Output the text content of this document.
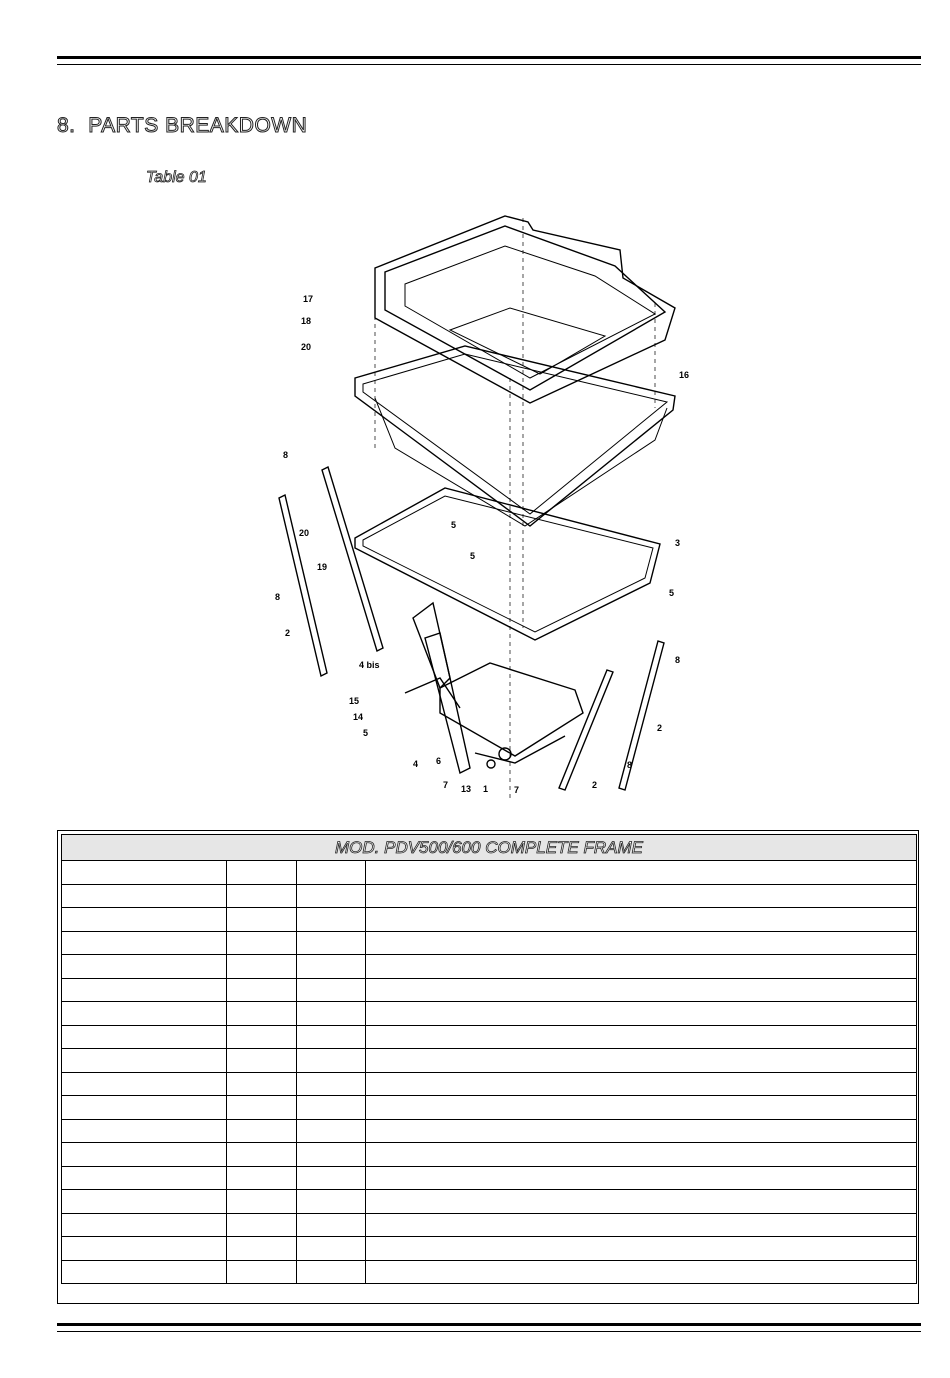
8. PARTS BREAKDOWN

Table 01

17
18
20
16
8
20
19
5
5
3
5
8
2
8
4 bis
15
14
5
4 6
7 13 1	7	2
2
8
MOD. PDV500/600 COMPLETE FRAME			
